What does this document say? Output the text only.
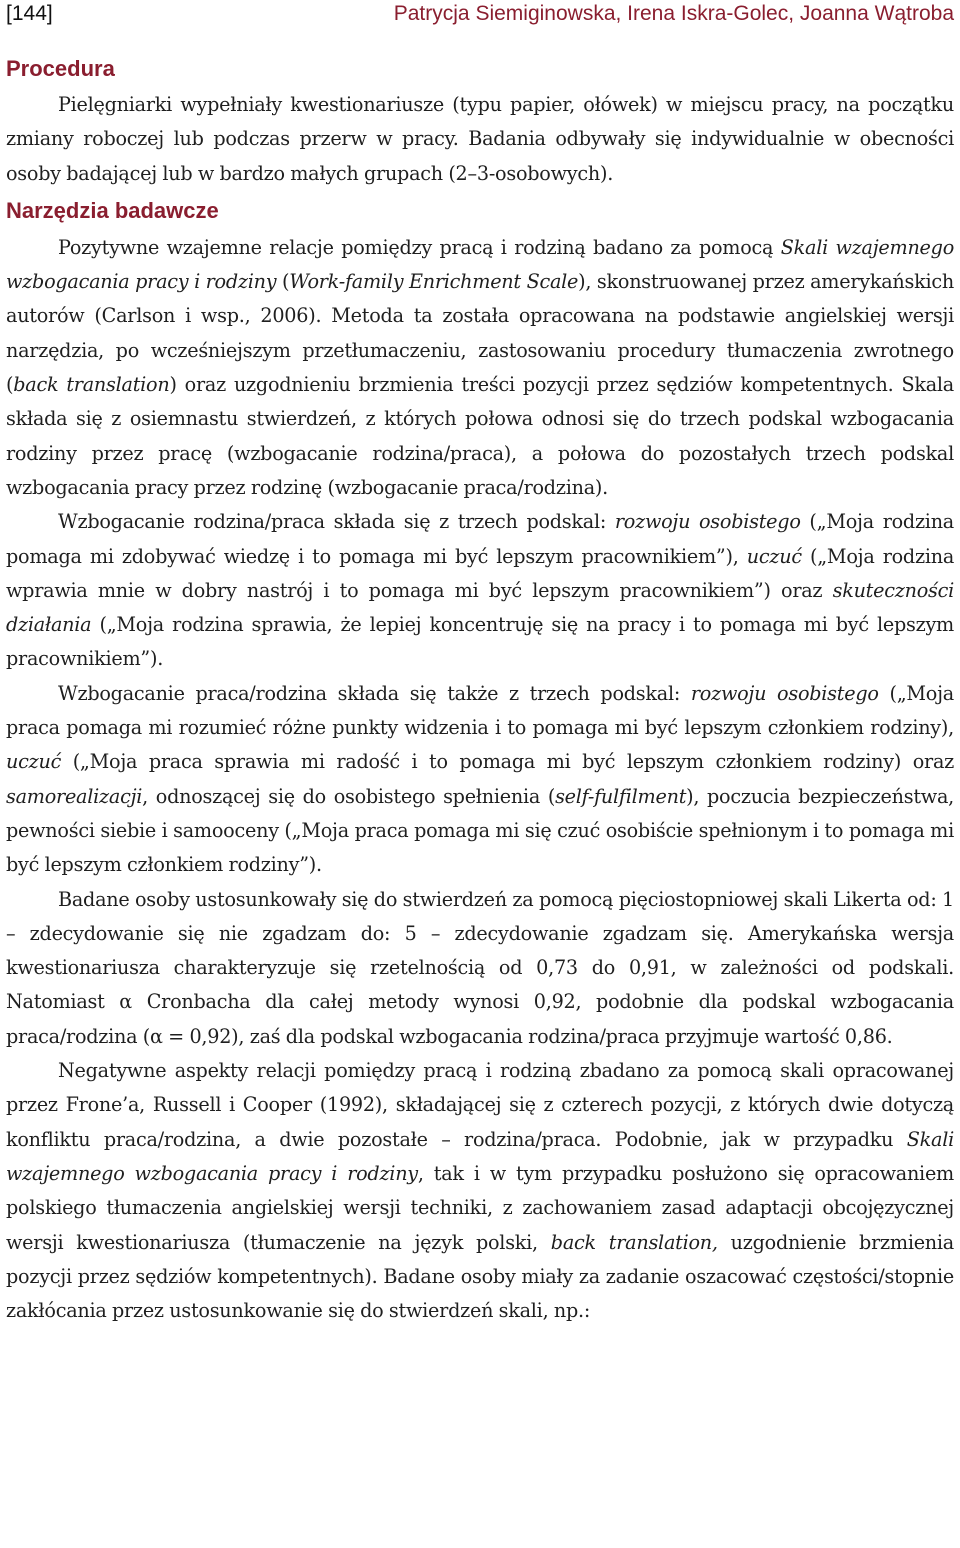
[144]	Patrycja Siemiginowska, Irena Iskra-Golec, Joanna Wątroba
Procedura

Pielęgniarki wypełniały kwestionariusze (typu papier, ołówek) w miejscu pracy, na początku zmiany roboczej lub podczas przerw w pracy. Badania odbywały się indywidualnie w obecności osoby badającej lub w bardzo małych grupach (2–3-osobowych).

Narzędzia badawcze

Pozytywne wzajemne relacje pomiędzy pracą i rodziną badano za pomocą Skali wzajemnego wzbogacania pracy i rodziny (Work-family Enrichment Scale), skonstruowanej przez amerykańskich autorów (Carlson i wsp., 2006). Metoda ta została opracowana na podstawie angielskiej wersji narzędzia, po wcześniejszym przetłumaczeniu, zastosowaniu procedury tłumaczenia zwrotnego (back translation) oraz uzgodnieniu brzmienia treści pozycji przez sędziów kompetentnych. Skala składa się z osiemnastu stwierdzeń, z których połowa odnosi się do trzech podskal wzbogacania rodziny przez pracę (wzbogacanie rodzina/praca), a połowa do pozostałych trzech podskal wzbogacania pracy przez rodzinę (wzbogacanie praca/rodzina).

Wzbogacanie rodzina/praca składa się z trzech podskal: rozwoju osobistego („Moja rodzina pomaga mi zdobywać wiedzę i to pomaga mi być lepszym pracownikiem”), uczuć („Moja rodzina wprawia mnie w dobry nastrój i to pomaga mi być lepszym pracownikiem”) oraz skuteczności działania („Moja rodzina sprawia, że lepiej koncentruję się na pracy i to pomaga mi być lepszym pracownikiem”).

Wzbogacanie praca/rodzina składa się także z trzech podskal: rozwoju osobistego („Moja praca pomaga mi rozumieć różne punkty widzenia i to pomaga mi być lepszym członkiem rodziny), uczuć („Moja praca sprawia mi radość i to pomaga mi być lepszym członkiem rodziny) oraz samorealizacji, odnoszącej się do osobistego spełnienia (self-fulfilment), poczucia bezpieczeństwa, pewności siebie i samooceny („Moja praca pomaga mi się czuć osobiście spełnionym i to pomaga mi być lepszym członkiem rodziny”).

Badane osoby ustosunkowały się do stwierdzeń za pomocą pięciostopniowej skali Likerta od: 1 – zdecydowanie się nie zgadzam do: 5 – zdecydowanie zgadzam się. Amerykańska wersja kwestionariusza charakteryzuje się rzetelnością od 0,73 do 0,91, w zależności od podskali. Natomiast α Cronbacha dla całej metody wynosi 0,92, podobnie dla podskal wzbogacania praca/rodzina (α = 0,92), zaś dla podskal wzbogacania rodzina/praca przyjmuje wartość 0,86.

Negatywne aspekty relacji pomiędzy pracą i rodziną zbadano za pomocą skali opracowanej przez Frone’a, Russell i Cooper (1992), składającej się z czterech pozycji, z których dwie dotyczą konfliktu praca/rodzina, a dwie pozostałe – rodzina/praca. Podobnie, jak w przypadku Skali wzajemnego wzbogacania pracy i rodziny, tak i w tym przypadku posłużono się opracowaniem polskiego tłumaczenia angielskiej wersji techniki, z zachowaniem zasad adaptacji obcojęzycznej wersji kwestionariusza (tłumaczenie na język polski, back translation, uzgodnienie brzmienia pozycji przez sędziów kompetentnych). Badane osoby miały za zadanie oszacować częstości/stopnie zakłócania przez ustosunkowanie się do stwierdzeń skali, np.:
